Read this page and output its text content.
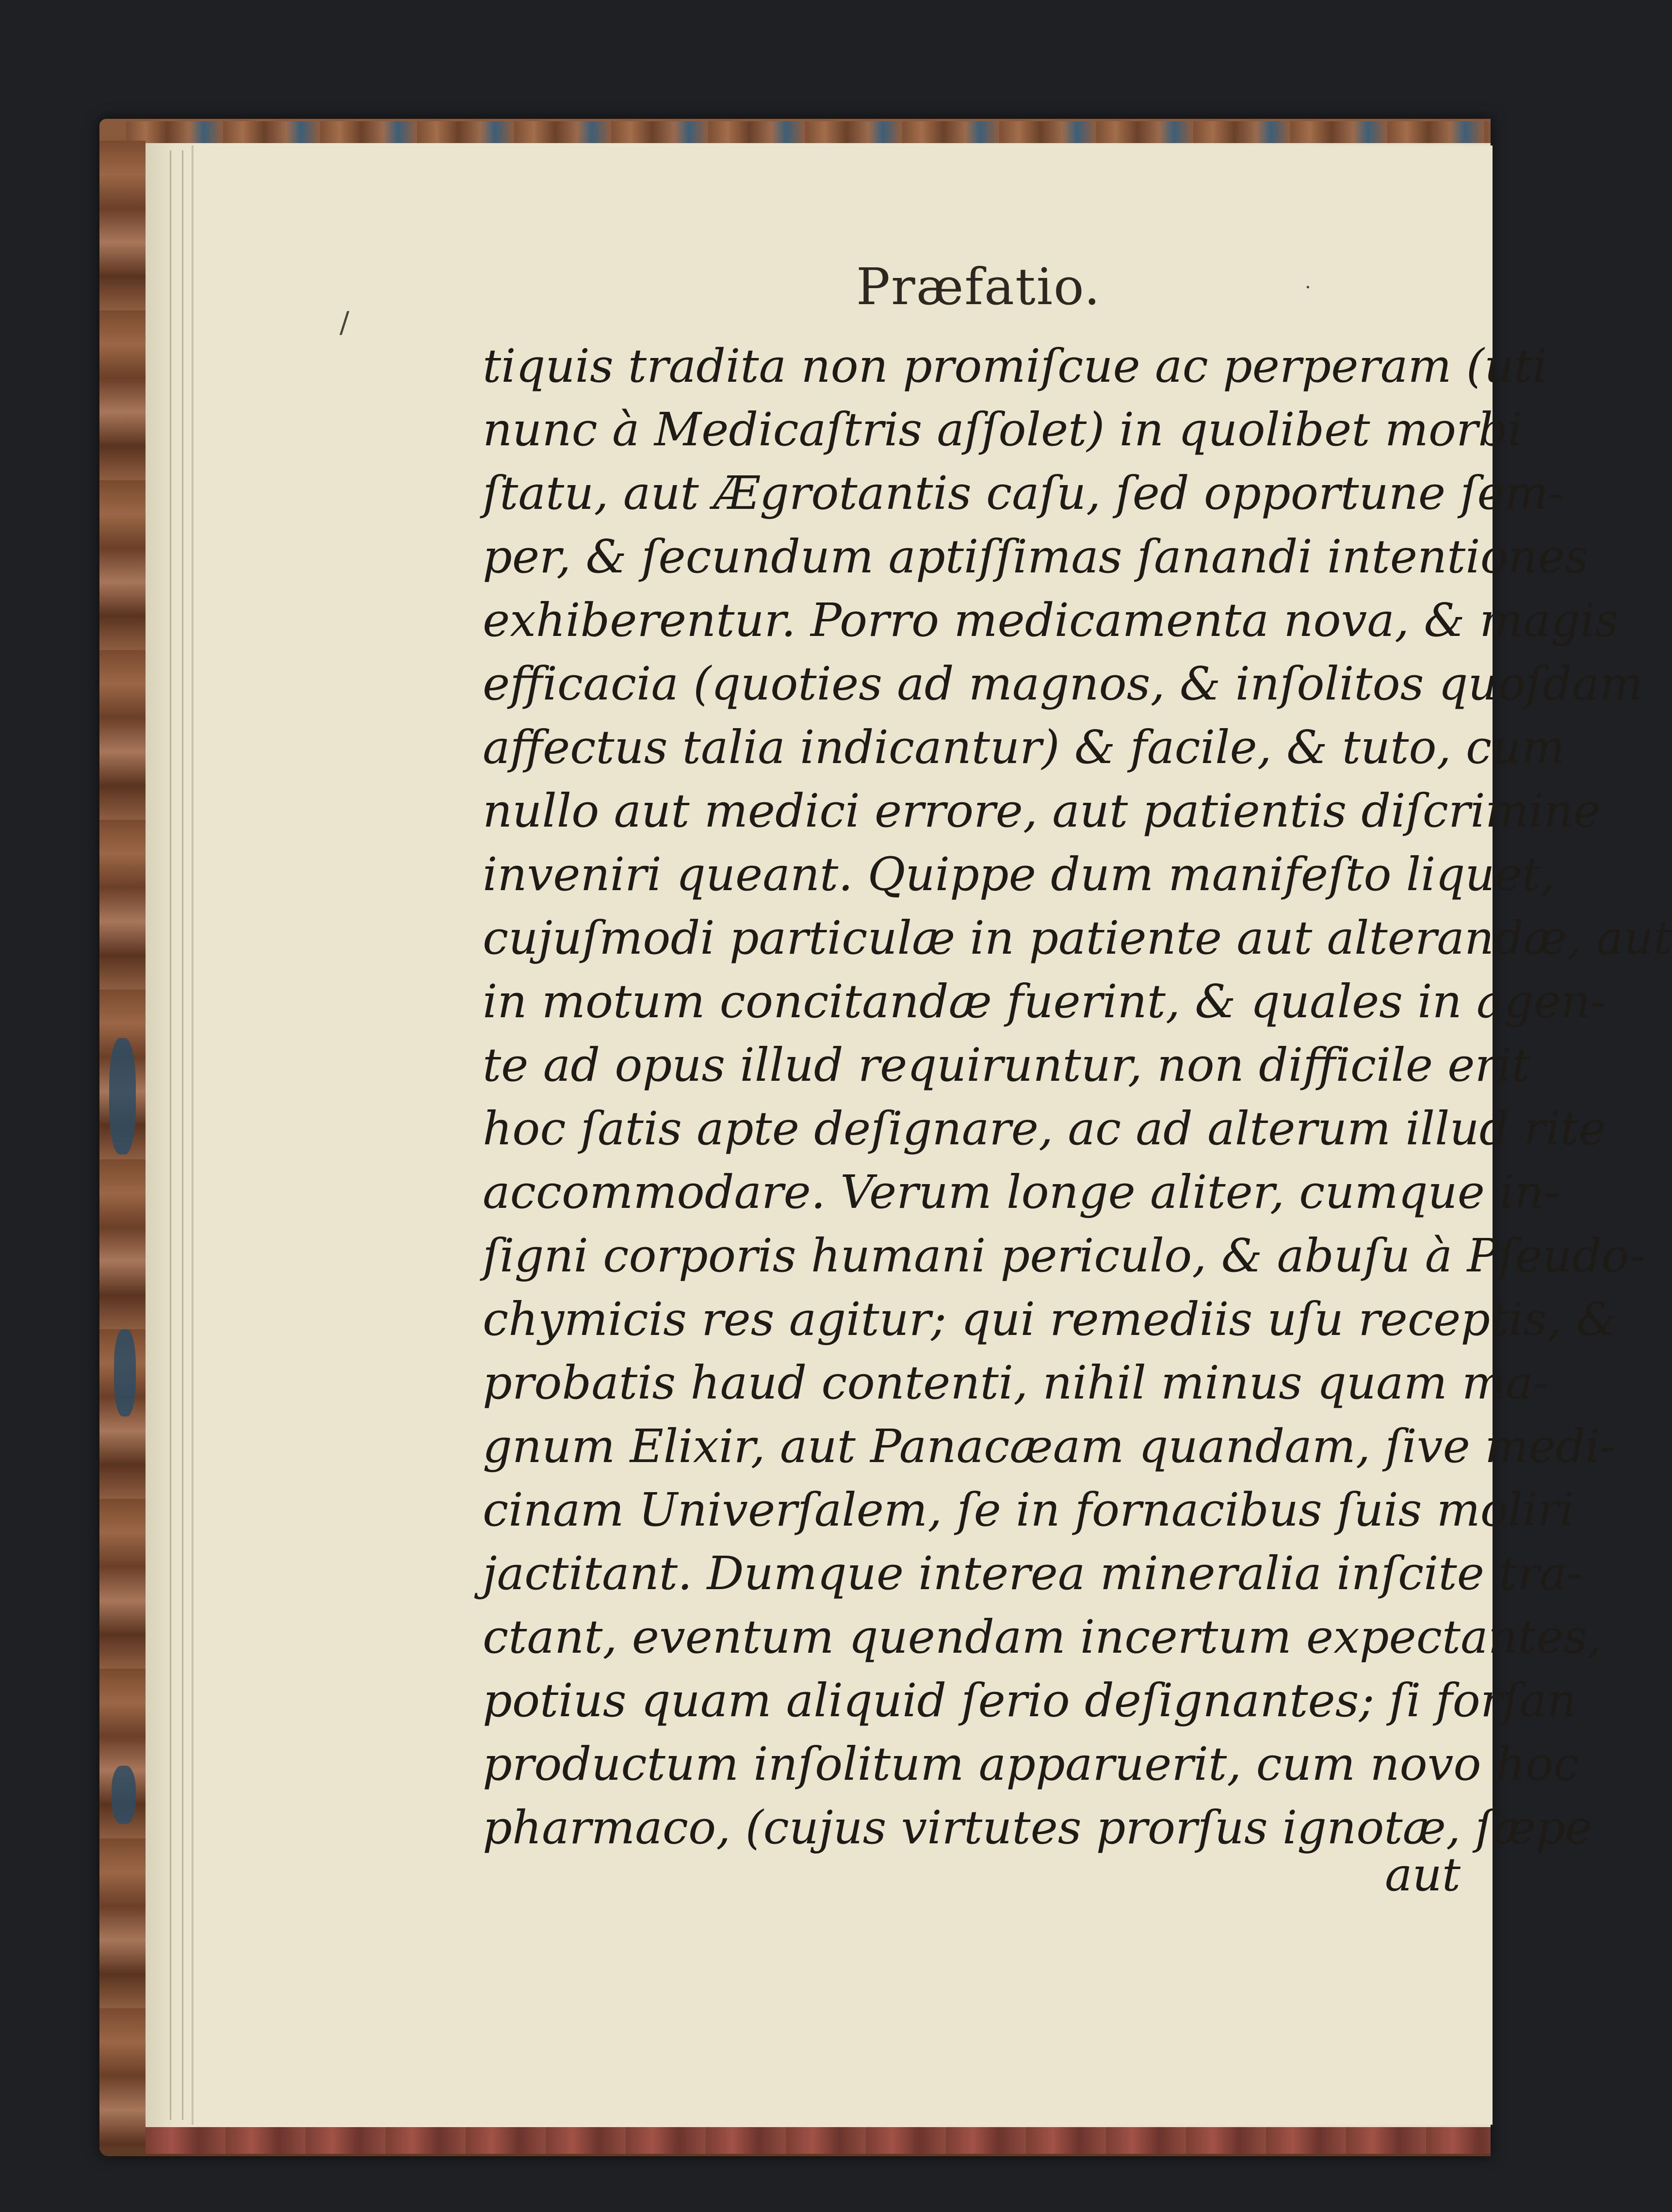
/
·
Præfatio.
tiquis tradita non promiſcue ac perperam (uti
nunc à Medicaſtris aſſolet) in quolibet morbi
ſtatu, aut Ægrotantis caſu, ſed opportune ſem-
per, & ſecundum aptiſſimas ſanandi intentiones
exhiberentur. Porro medicamenta nova, & magis
efficacia (quoties ad magnos, & inſolitos quoſdam
affectus talia indicantur) & facile, & tuto, cum
nullo aut medici errore, aut patientis diſcrimine
inveniri queant. Quippe dum manifeſto liquet,
cujuſmodi particulæ in patiente aut alterandæ, aut
in motum concitandæ fuerint, & quales in agen-
te ad opus illud requiruntur, non difficile erit
hoc ſatis apte deſignare, ac ad alterum illud rite
accommodare. Verum longe aliter, cumque in-
ſigni corporis humani periculo, & abuſu à Pſeudo-
chymicis res agitur; qui remediis uſu receptis, &
probatis haud contenti, nihil minus quam ma-
gnum Elixir, aut Panacæam quandam, ſive medi-
cinam Univerſalem, ſe in fornacibus ſuis moliri
jactitant. Dumque interea mineralia inſcite tra-
ctant, eventum quendam incertum expectantes,
potius quam aliquid ſerio deſignantes; ſi forſan
productum inſolitum apparuerit, cum novo hoc
pharmaco, (cujus virtutes prorſus ignotæ, ſæpe
aut
